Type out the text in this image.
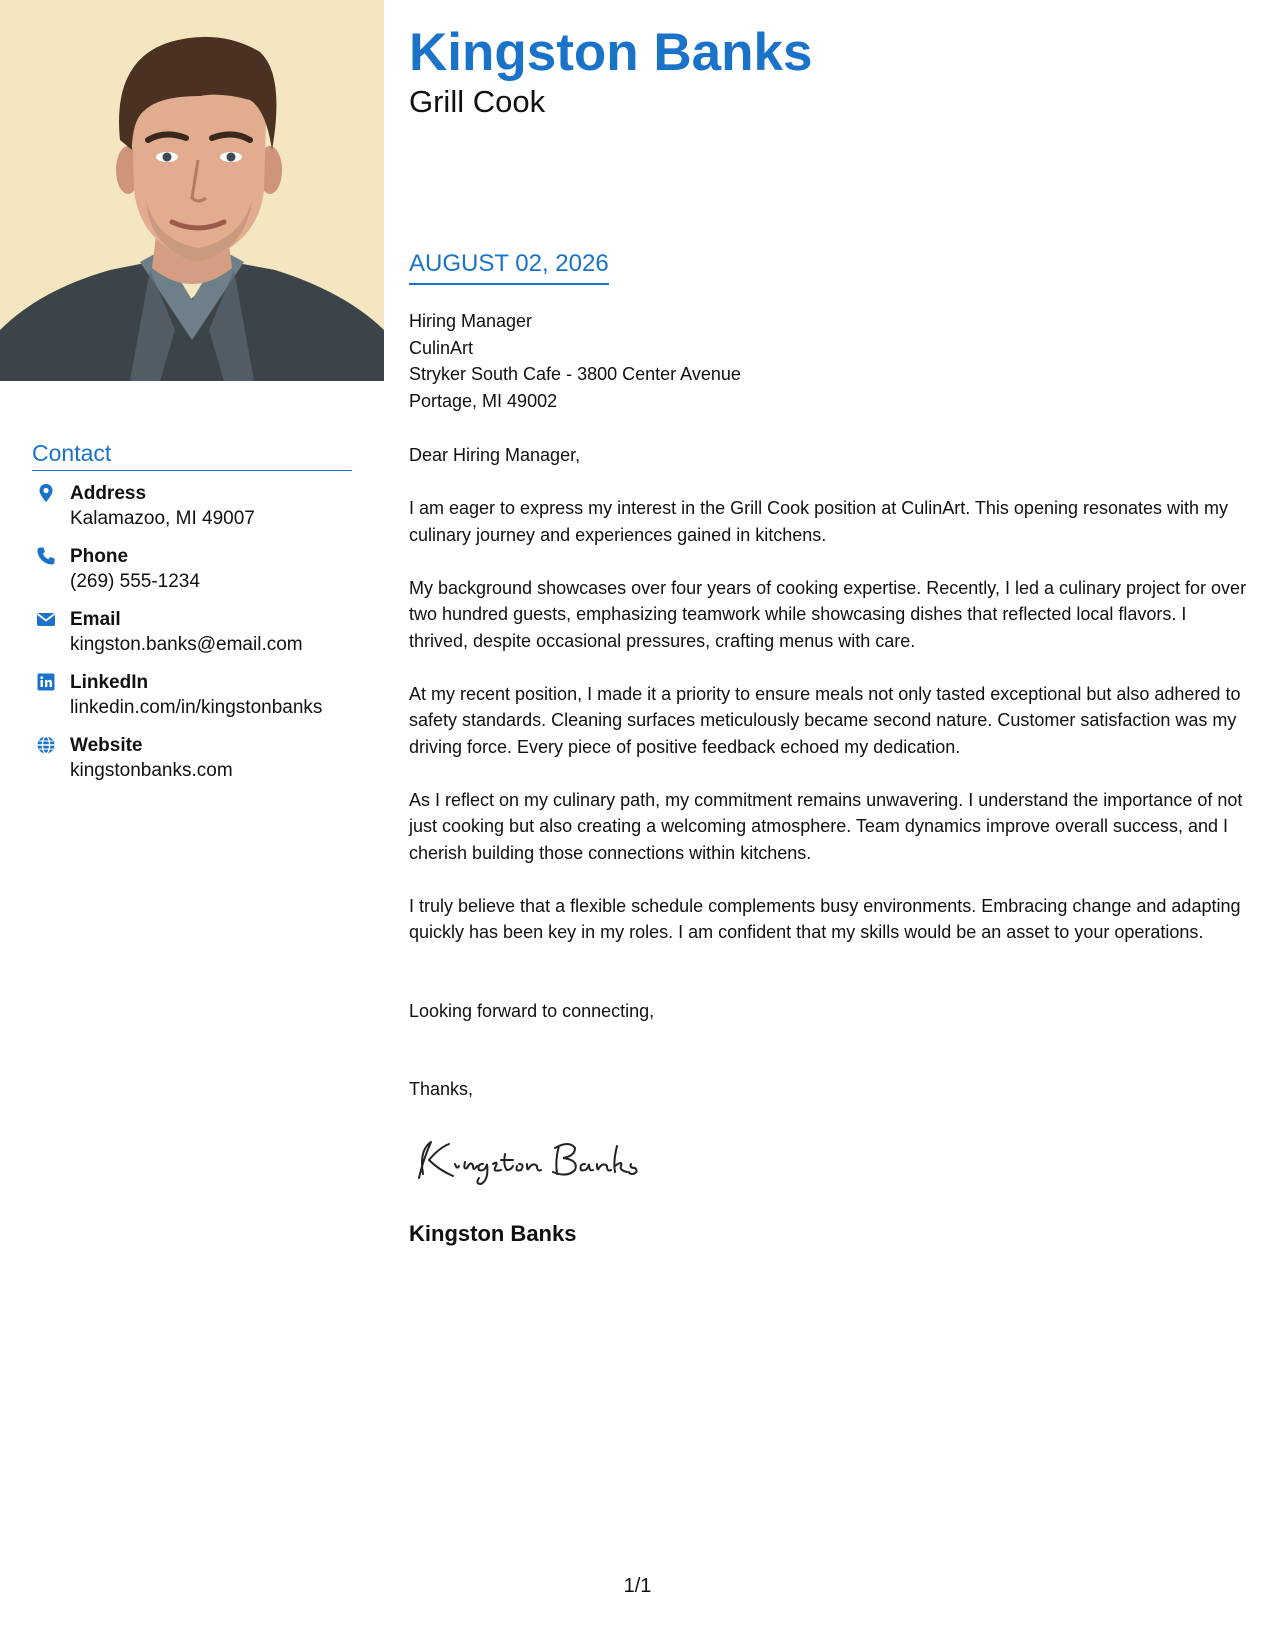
Contact
Address
Kalamazoo, MI 49007
Phone
(269) 555-1234
Email
kingston.banks@email.com
LinkedIn
linkedin.com/in/kingstonbanks
Website
kingstonbanks.com
Kingston Banks
Grill Cook
AUGUST 02, 2026
Hiring Manager
CulinArt
Stryker South Cafe - 3800 Center Avenue
Portage, MI 49002
Dear Hiring Manager,

I am eager to express my interest in the Grill Cook position at CulinArt. This opening resonates with my culinary journey and experiences gained in kitchens.

My background showcases over four years of cooking expertise. Recently, I led a culinary project for over two hundred guests, emphasizing teamwork while showcasing dishes that reflected local flavors. I thrived, despite occasional pressures, crafting menus with care.

At my recent position, I made it a priority to ensure meals not only tasted exceptional but also adhered to safety standards. Cleaning surfaces meticulously became second nature. Customer satisfaction was my driving force. Every piece of positive feedback echoed my dedication.

As I reflect on my culinary path, my commitment remains unwavering. I understand the importance of not just cooking but also creating a welcoming atmosphere. Team dynamics improve overall success, and I cherish building those connections within kitchens.

I truly believe that a flexible schedule complements busy environments. Embracing change and adapting quickly has been key in my roles. I am confident that my skills would be an asset to your operations.

Looking forward to connecting,
Thanks,
Kingston Banks
1/1
